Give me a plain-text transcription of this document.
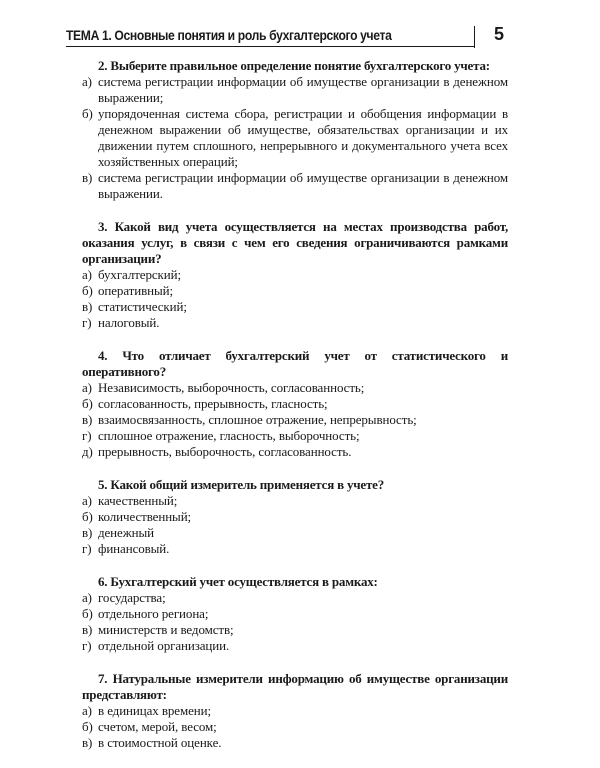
ТЕМА 1. Основные понятия и роль бухгалтерского учета	5

2. Выберите правильное определение понятие бухгалтерского учета:

а) система регистрации информации об имуществе организации в денежном выражении;

б) упорядоченная система сбора, регистрации и обобщения информации в денежном выражении об имуществе, обязательствах организации и их движении путем сплошного, непрерывного и документального учета всех хозяйственных операций;

в) система регистрации информации об имуществе организации в денежном выражении.

3. Какой вид учета осуществляется на местах производства работ, оказания услуг, в связи с чем его сведения ограничиваются рамками организации?

а) бухгалтерский;

б) оперативный;

в) статистический;

г) налоговый.

4. Что отличает бухгалтерский учет от статистического и оперативного?

а) Независимость, выборочность, согласованность;

б) согласованность, прерывность, гласность;

в) взаимосвязанность, сплошное отражение, непрерывность;

г) сплошное отражение, гласность, выборочность;

д) прерывность, выборочность, согласованность.

5. Какой общий измеритель применяется в учете?

а) качественный;

б) количественный;

в) денежный

г) финансовый.

6. Бухгалтерский учет осуществляется в рамках:

а) государства;

б) отдельного региона;

в) министерств и ведомств;

г) отдельной организации.

7. Натуральные измерители информацию об имуществе организации представляют:

а) в единицах времени;

б) счетом, мерой, весом;

в) в стоимостной оценке.
